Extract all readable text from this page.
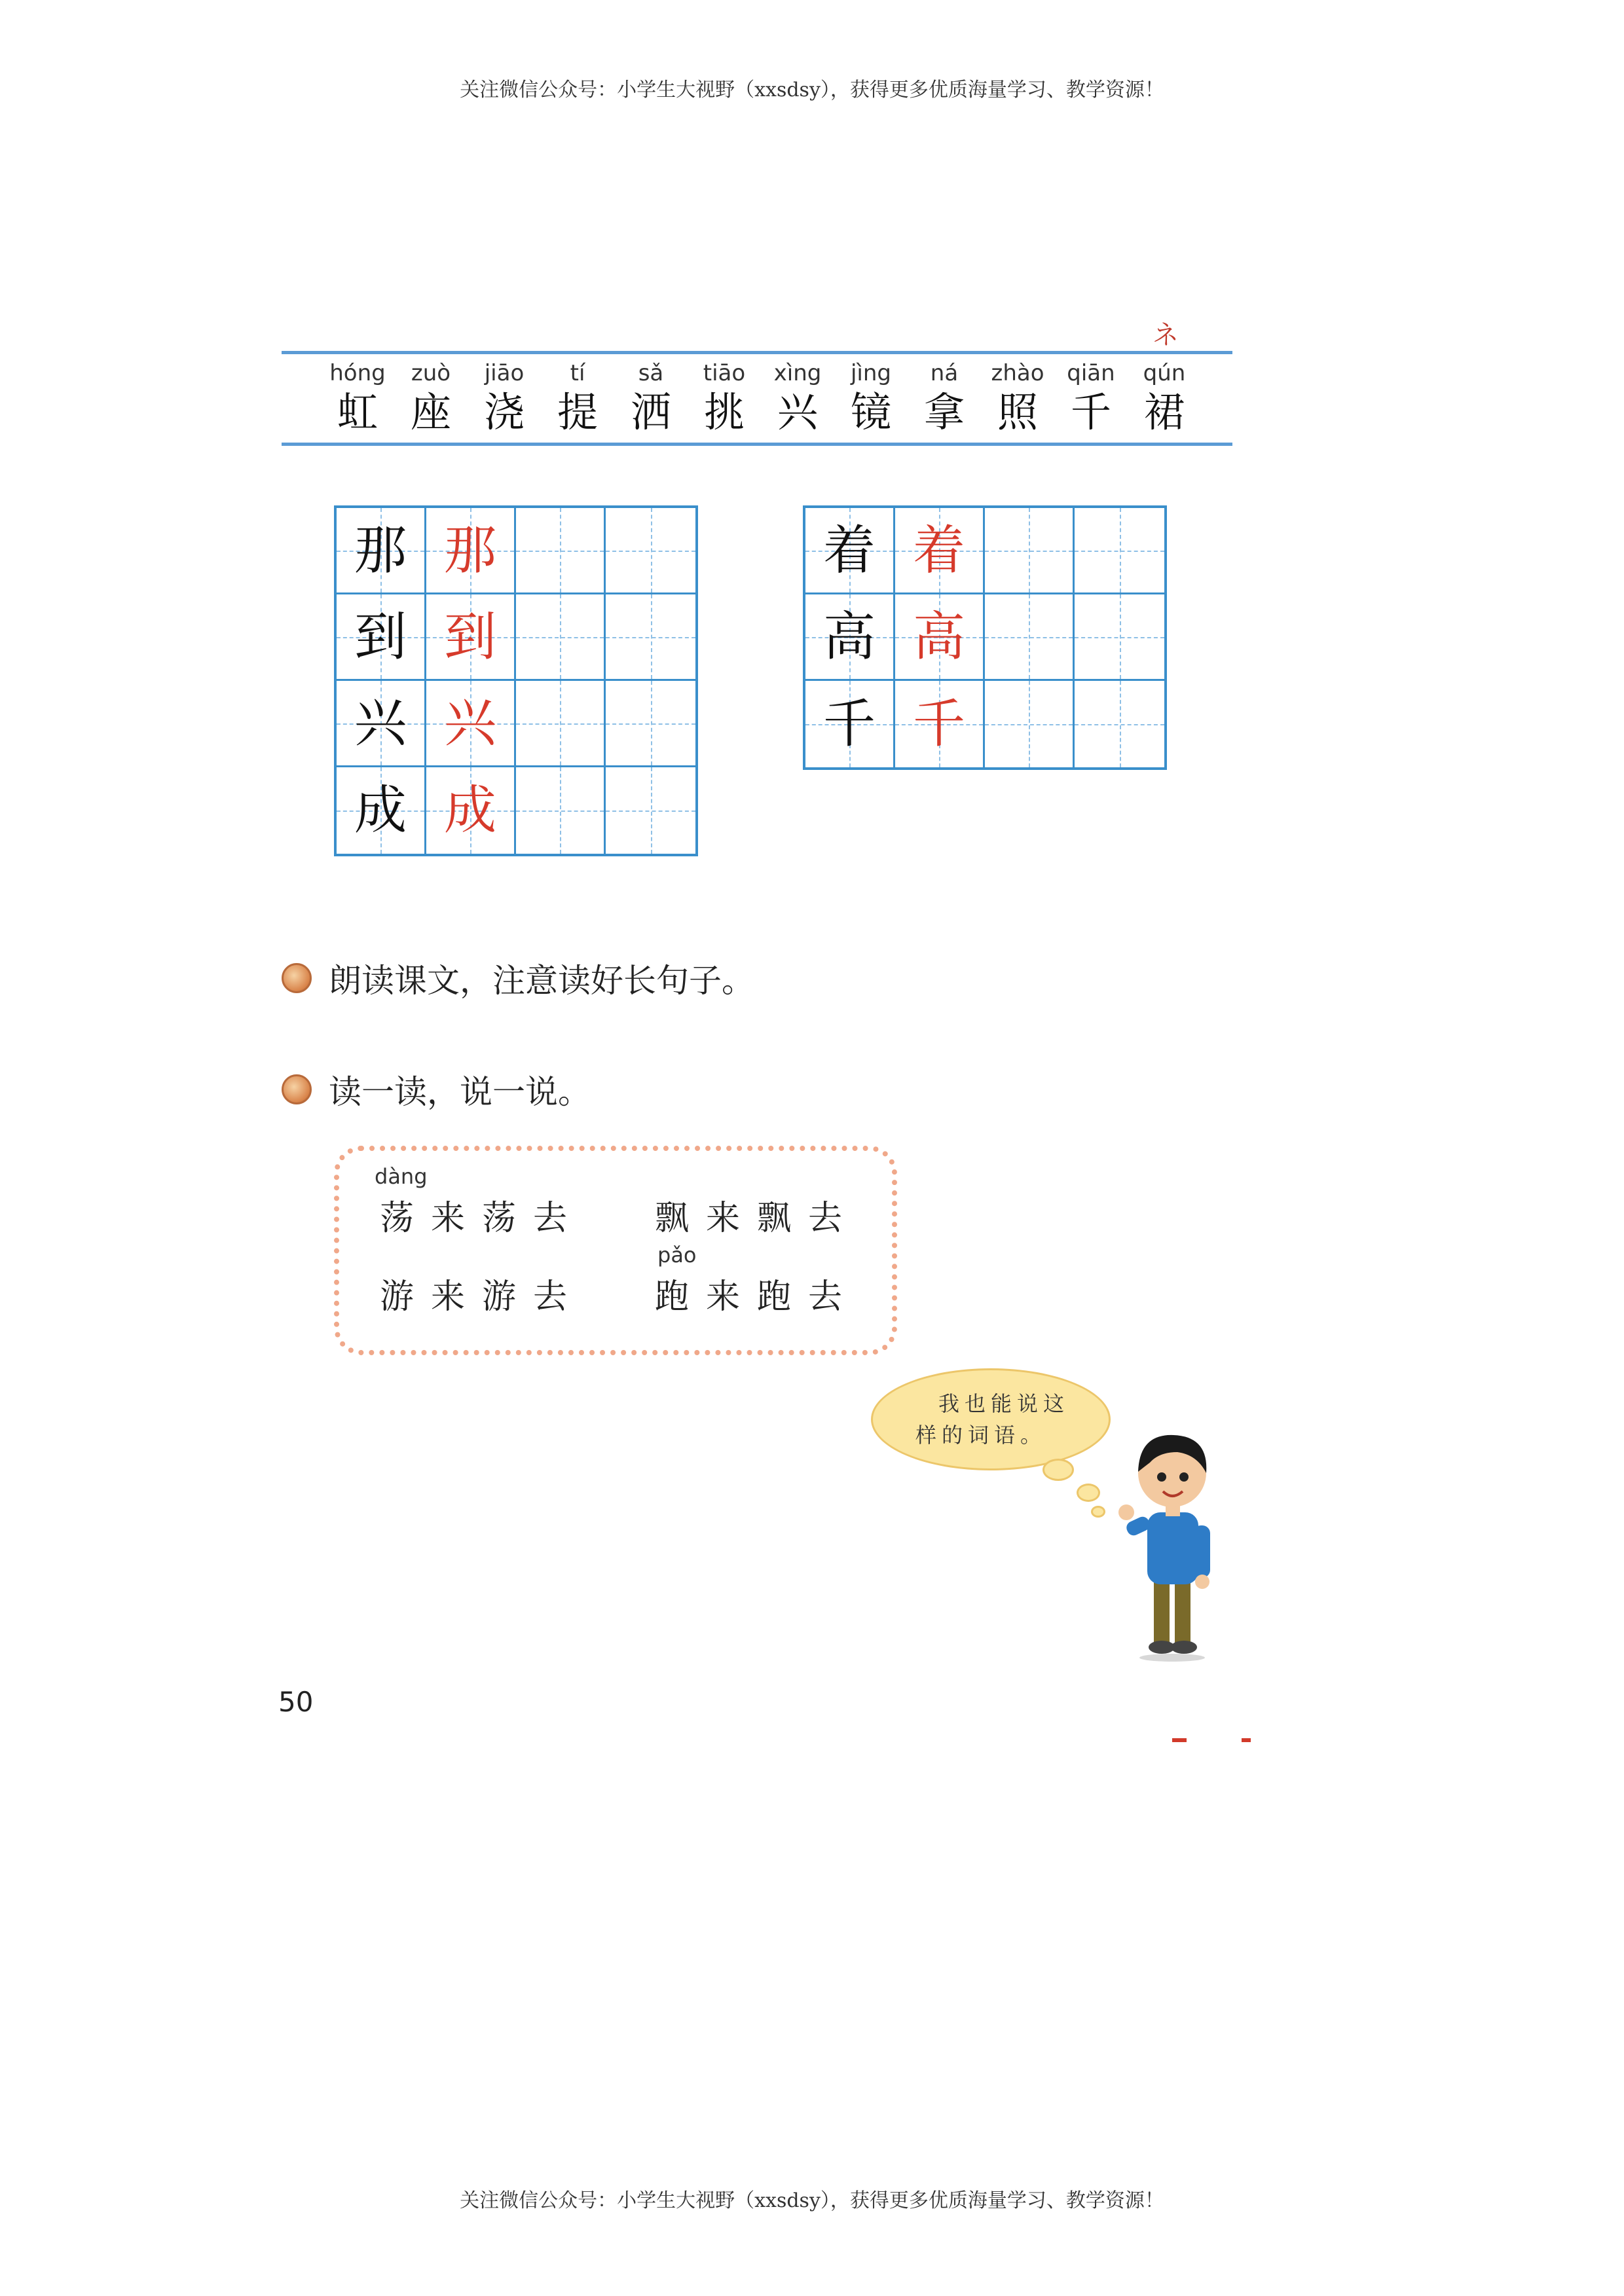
关注微信公众号：小学生大视野（xxsdsy），获得更多优质海量学习、教学资源！
ネ
hóng
虹
zuò
座
jiāo
浇
tí
提
sǎ
洒
tiāo
挑
xìng
兴
jìng
镜
ná
拿
zhào
照
qiān
千
qún
裙
那 那
到 到
兴 兴
成 成
着 着
高 高
千 千
朗读课文，注意读好长句子。
读一读，说一说。
dàng
荡来荡去 飘来飘去
游来游去
pǎo
跑来跑去
我也能说这
样的词语。
50
关注微信公众号：小学生大视野（xxsdsy），获得更多优质海量学习、教学资源！
